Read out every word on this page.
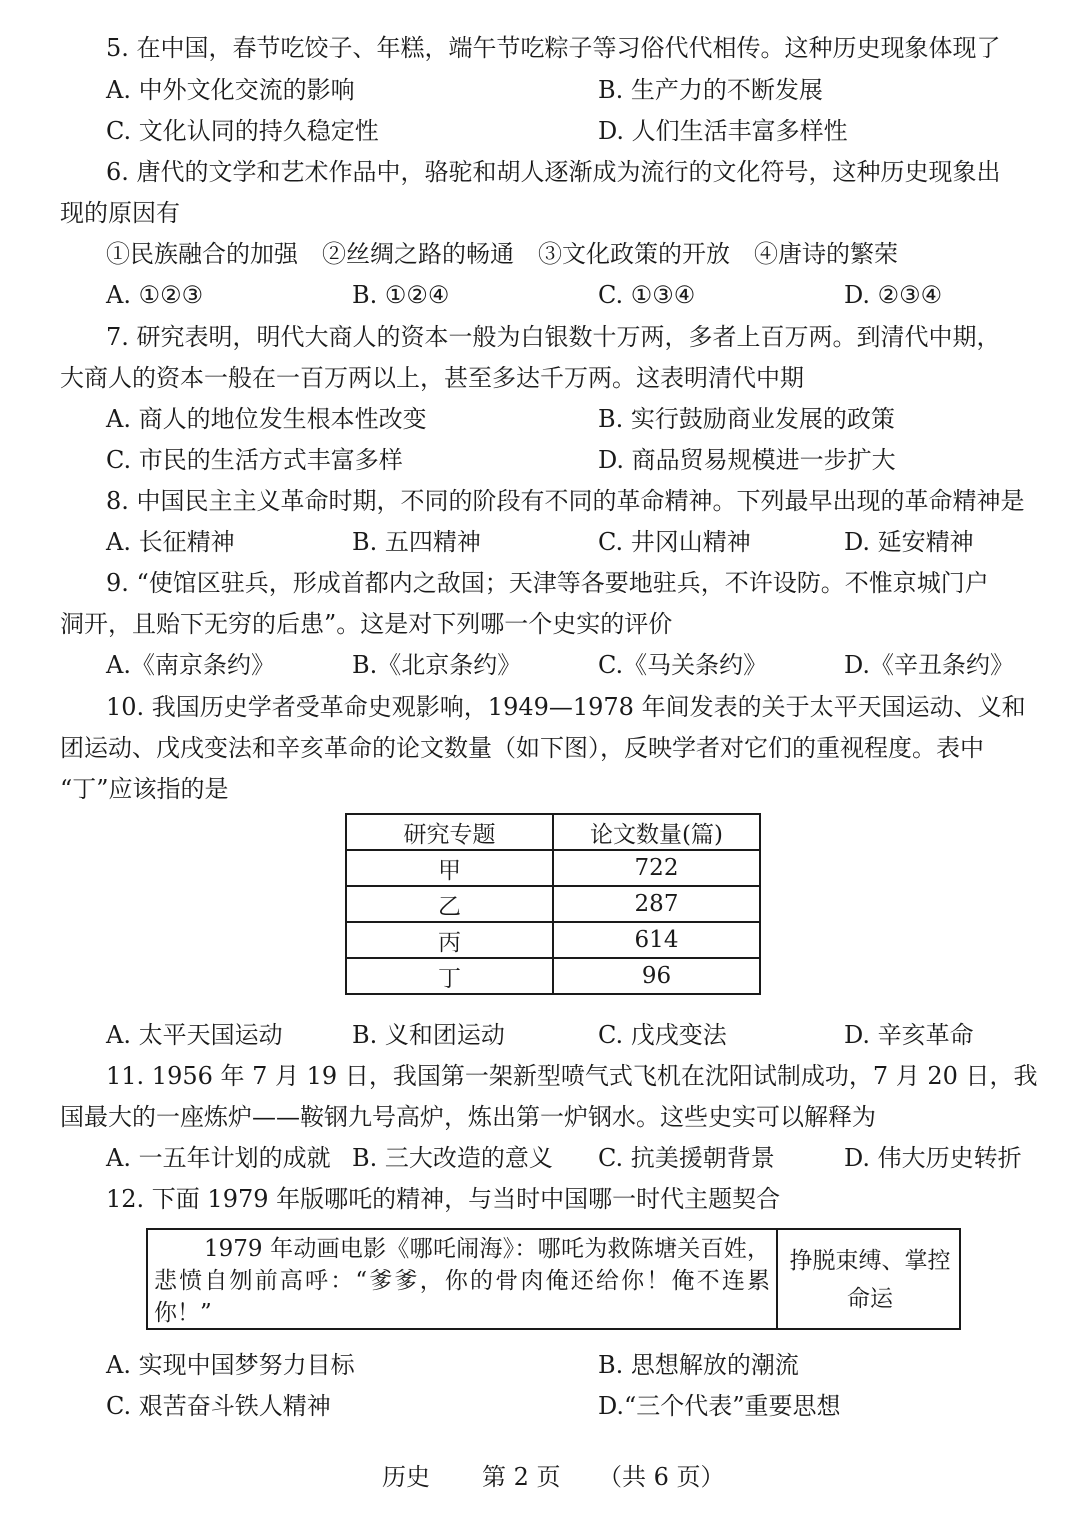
5. 在中国，春节吃饺子、年糕，端午节吃粽子等习俗代代相传。这种历史现象体现了
A. 中外文化交流的影响	B. 生产力的不断发展
C. 文化认同的持久稳定性	D. 人们生活丰富多样性
6. 唐代的文学和艺术作品中，骆驼和胡人逐渐成为流行的文化符号，这种历史现象出
现的原因有
①民族融合的加强　②丝绸之路的畅通　③文化政策的开放　④唐诗的繁荣
A. ①②③	B. ①②④	C. ①③④	D. ②③④
7. 研究表明，明代大商人的资本一般为白银数十万两，多者上百万两。到清代中期，
大商人的资本一般在一百万两以上，甚至多达千万两。这表明清代中期
A. 商人的地位发生根本性改变	B. 实行鼓励商业发展的政策
C. 市民的生活方式丰富多样	D. 商品贸易规模进一步扩大
8. 中国民主主义革命时期，不同的阶段有不同的革命精神。下列最早出现的革命精神是
A. 长征精神	B. 五四精神	C. 井冈山精神	D. 延安精神
9. “使馆区驻兵，形成首都内之敌国；天津等各要地驻兵，不许设防。不惟京城门户
洞开，且贻下无穷的后患”。这是对下列哪一个史实的评价
A.《南京条约》	B.《北京条约》	C.《马关条约》	D.《辛丑条约》
10. 我国历史学者受革命史观影响，1949—1978 年间发表的关于太平天国运动、义和
团运动、戊戌变法和辛亥革命的论文数量（如下图），反映学者对它们的重视程度。表中
“丁”应该指的是
研究专题	论文数量(篇)
甲	722
乙	287
丙	614
丁	96
A. 太平天国运动	B. 义和团运动	C. 戊戌变法	D. 辛亥革命
11. 1956 年 7 月 19 日，我国第一架新型喷气式飞机在沈阳试制成功，7 月 20 日，我
国最大的一座炼炉——鞍钢九号高炉，炼出第一炉钢水。这些史实可以解释为
A. 一五年计划的成就 B. 三大改造的意义 C. 抗美援朝背景	D. 伟大历史转折
12. 下面 1979 年版哪吒的精神，与当时中国哪一时代主题契合
1979 年动画电影《哪吒闹海》：哪吒为救陈塘关百姓，悲愤自刎前高呼：“爹爹，你的骨肉俺还给你！俺不连累你！”
挣脱束缚、掌控命运
A. 实现中国梦努力目标	B. 思想解放的潮流
C. 艰苦奋斗铁人精神	D.“三个代表”重要思想
历史 第 2 页 （共 6 页）
